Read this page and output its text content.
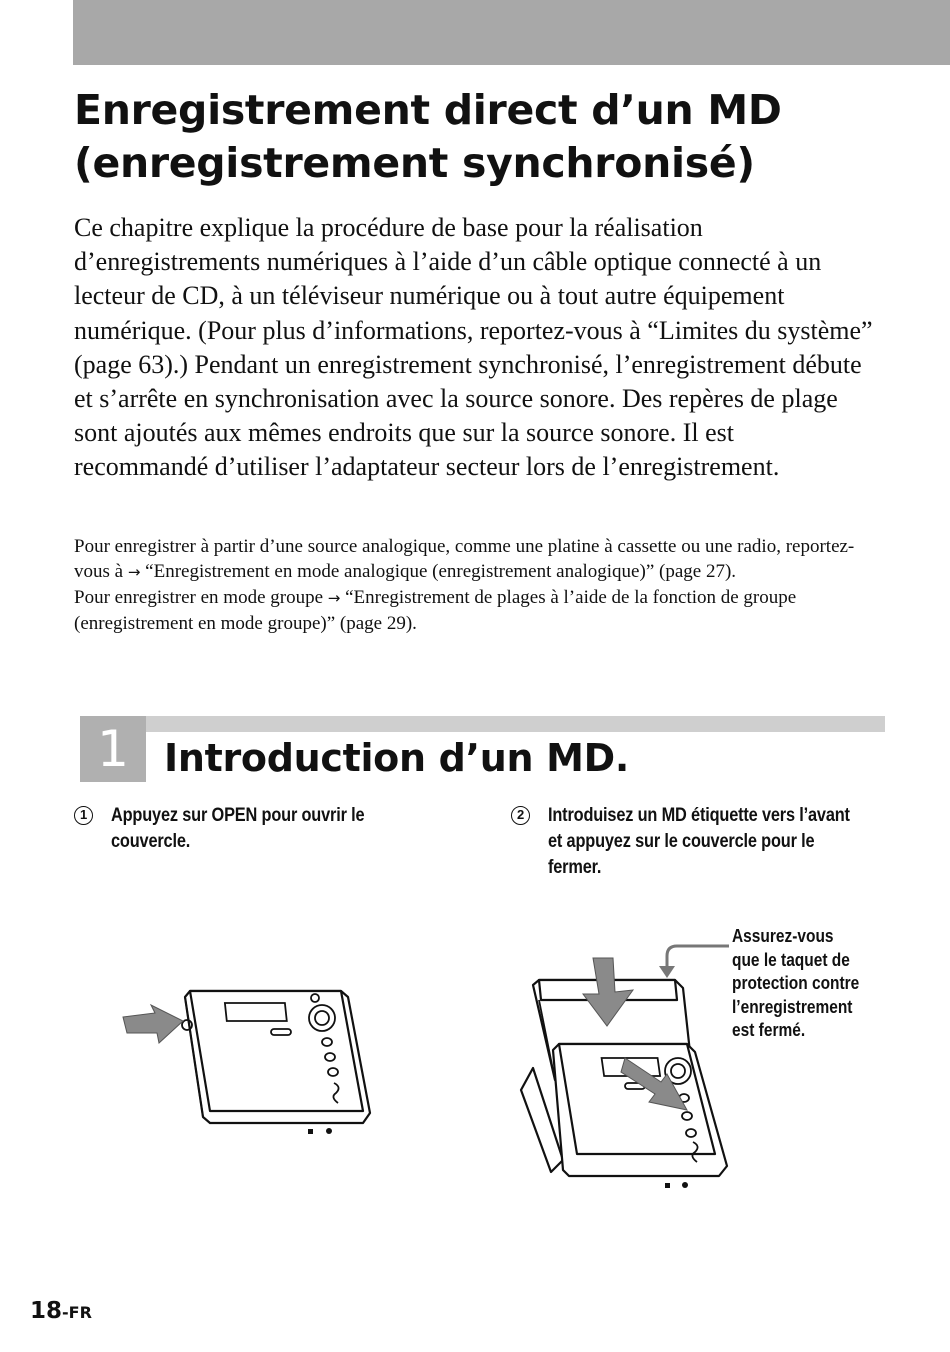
Enregistrement direct d’un MD
(enregistrement synchronisé)

Ce chapitre explique la procédure de base pour la réalisation d’enregistrements numériques à l’aide d’un câble optique connecté à un lecteur de CD, à un téléviseur numérique ou à tout autre équipement numérique. (Pour plus d’informations, reportez-vous à “Limites du système” (page 63).) Pendant un enregistrement synchronisé, l’enregistrement débute et s’arrête en synchronisation avec la source sonore. Des repères de plage sont ajoutés aux mêmes endroits que sur la source sonore. Il est recommandé d’utiliser l’adaptateur secteur lors de l’enregistrement.

Pour enregistrer à partir d’une source analogique, comme une platine à cassette ou une radio, reportez-vous à → “Enregistrement en mode analogique (enregistrement analogique)” (page 27).

Pour enregistrer en mode groupe → “Enregistrement de plages à l’aide de la fonction de groupe (enregistrement en mode groupe)” (page 29).

1 Introduction d’un MD.
1	Appuyez sur OPEN pour ouvrir le couvercle.
2	Introduisez un MD étiquette vers l’avant et appuyez sur le couvercle pour le fermer.
Assurez-vous
que le taquet de
protection contre
l’enregistrement
est fermé.
18-FR
